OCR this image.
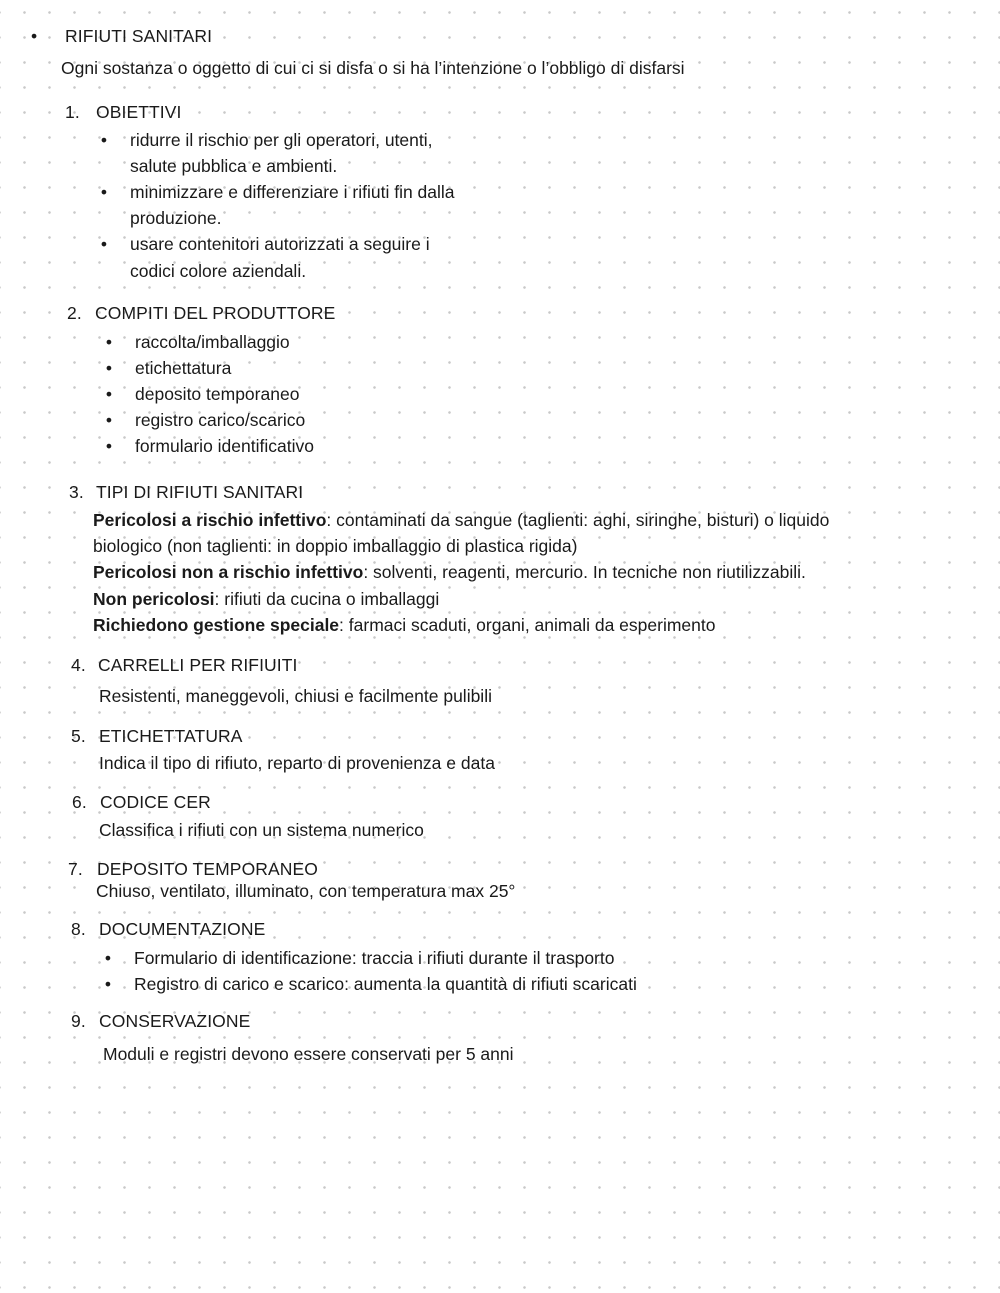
• RIFIUTI SANITARI
Ogni sostanza o oggetto di cui ci si disfa o si ha l’intenzione o l’obbligo di disfarsi
1. OBIETTIVI
•
ridurre il rischio per gli operatori, utenti,
salute pubblica e ambienti.
•
minimizzare e differenziare i rifiuti fin dalla
produzione.
•
usare contenitori autorizzati a seguire i
codici colore aziendali.
2. COMPITI DEL PRODUTTORE
•
raccolta/imballaggio
•
etichettatura
•
deposito temporaneo
•
registro carico/scarico
•
formulario identificativo
3. TIPI DI RIFIUTI SANITARI
Pericolosi a rischio infettivo: contaminati da sangue (taglienti: aghi, siringhe, bisturi) o liquido
biologico (non taglienti: in doppio imballaggio di plastica rigida)
Pericolosi non a rischio infettivo: solventi, reagenti, mercurio. In tecniche non riutilizzabili.
Non pericolosi: rifiuti da cucina o imballaggi
Richiedono gestione speciale: farmaci scaduti, organi, animali da esperimento
4. CARRELLI PER RIFIUITI
Resistenti, maneggevoli, chiusi e facilmente pulibili
5. ETICHETTATURA
Indica il tipo di rifiuto, reparto di provenienza e data
6. CODICE CER
Classifica i rifiuti con un sistema numerico
7. DEPOSITO TEMPORANEO
Chiuso, ventilato, illuminato, con temperatura max 25°
8. DOCUMENTAZIONE
•
Formulario di identificazione: traccia i rifiuti durante il trasporto
•
Registro di carico e scarico: aumenta la quantità di rifiuti scaricati
9. CONSERVAZIONE
Moduli e registri devono essere conservati per 5 anni
